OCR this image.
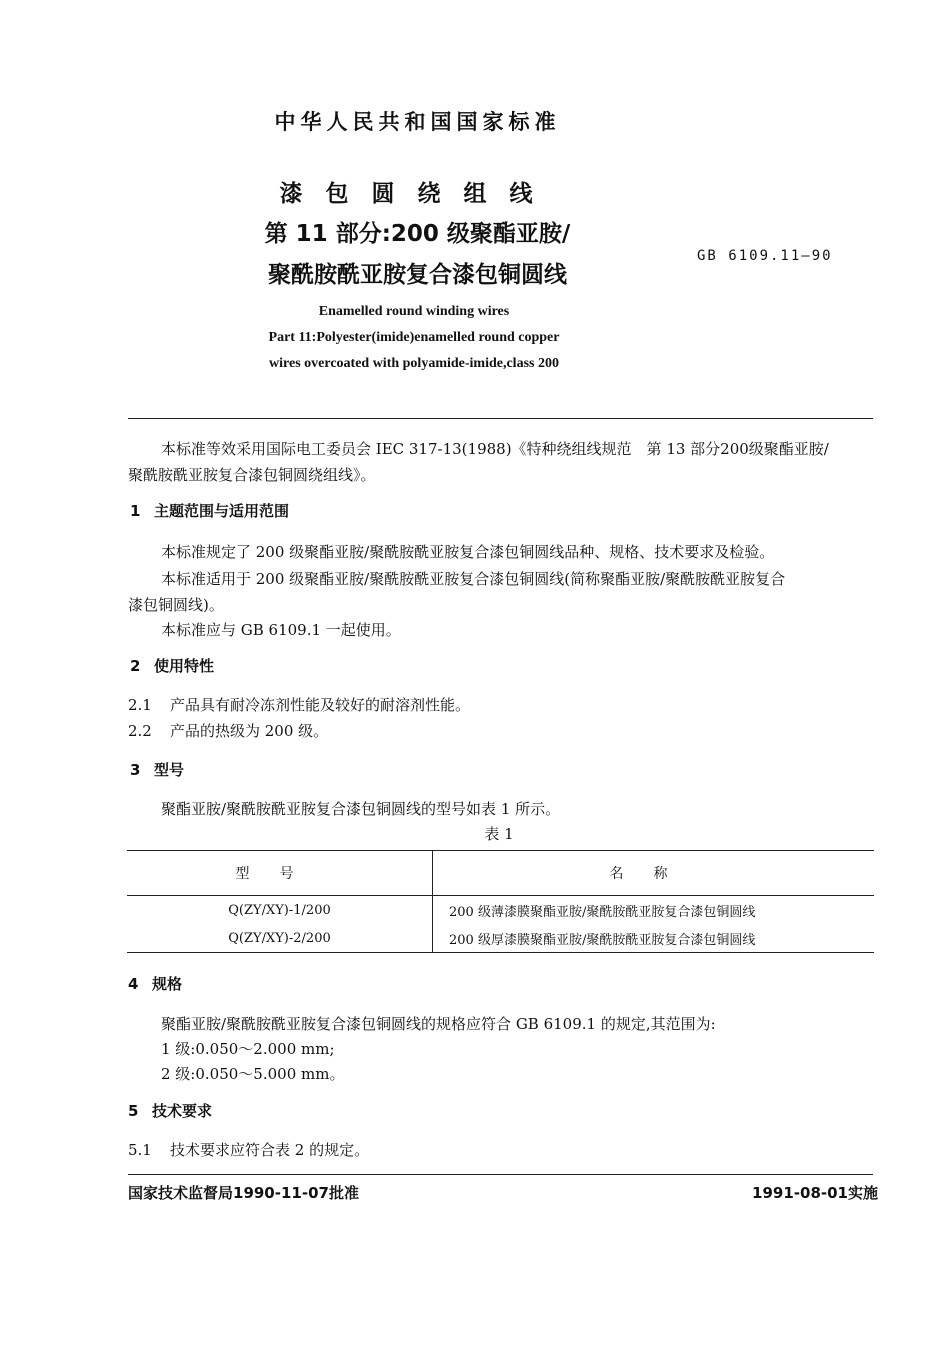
中华人民共和国国家标准
漆包圆绕组线
第 11 部分:200 级聚酯亚胺/
聚酰胺酰亚胺复合漆包铜圆线
GB 6109.11—90
Enamelled round winding wires
Part 11:Polyester(imide)enamelled round copper
wires overcoated with polyamide-imide,class 200
本标准等效采用国际电工委员会 IEC 317-13(1988)《特种绕组线规范　第 13 部分200级聚酯亚胺/
聚酰胺酰亚胺复合漆包铜圆绕组线》。
1 主题范围与适用范围
本标准规定了 200 级聚酯亚胺/聚酰胺酰亚胺复合漆包铜圆线品种、规格、技术要求及检验。
本标准适用于 200 级聚酯亚胺/聚酰胺酰亚胺复合漆包铜圆线(简称聚酯亚胺/聚酰胺酰亚胺复合
漆包铜圆线)。
本标准应与 GB 6109.1 一起使用。
2 使用特性
2.1 产品具有耐冷冻剂性能及较好的耐溶剂性能。
2.2 产品的热级为 200 级。
3 型号
聚酯亚胺/聚酰胺酰亚胺复合漆包铜圆线的型号如表 1 所示。
表 1
型号	名称
Q(ZY/XY)-1/200	200 级薄漆膜聚酯亚胺/聚酰胺酰亚胺复合漆包铜圆线
Q(ZY/XY)-2/200	200 级厚漆膜聚酯亚胺/聚酰胺酰亚胺复合漆包铜圆线
4 规格
聚酯亚胺/聚酰胺酰亚胺复合漆包铜圆线的规格应符合 GB 6109.1 的规定,其范围为:
1 级:0.050～2.000 mm;
2 级:0.050～5.000 mm。
5 技术要求
5.1 技术要求应符合表 2 的规定。
国家技术监督局1990-11-07批准	1991-08-01实施
